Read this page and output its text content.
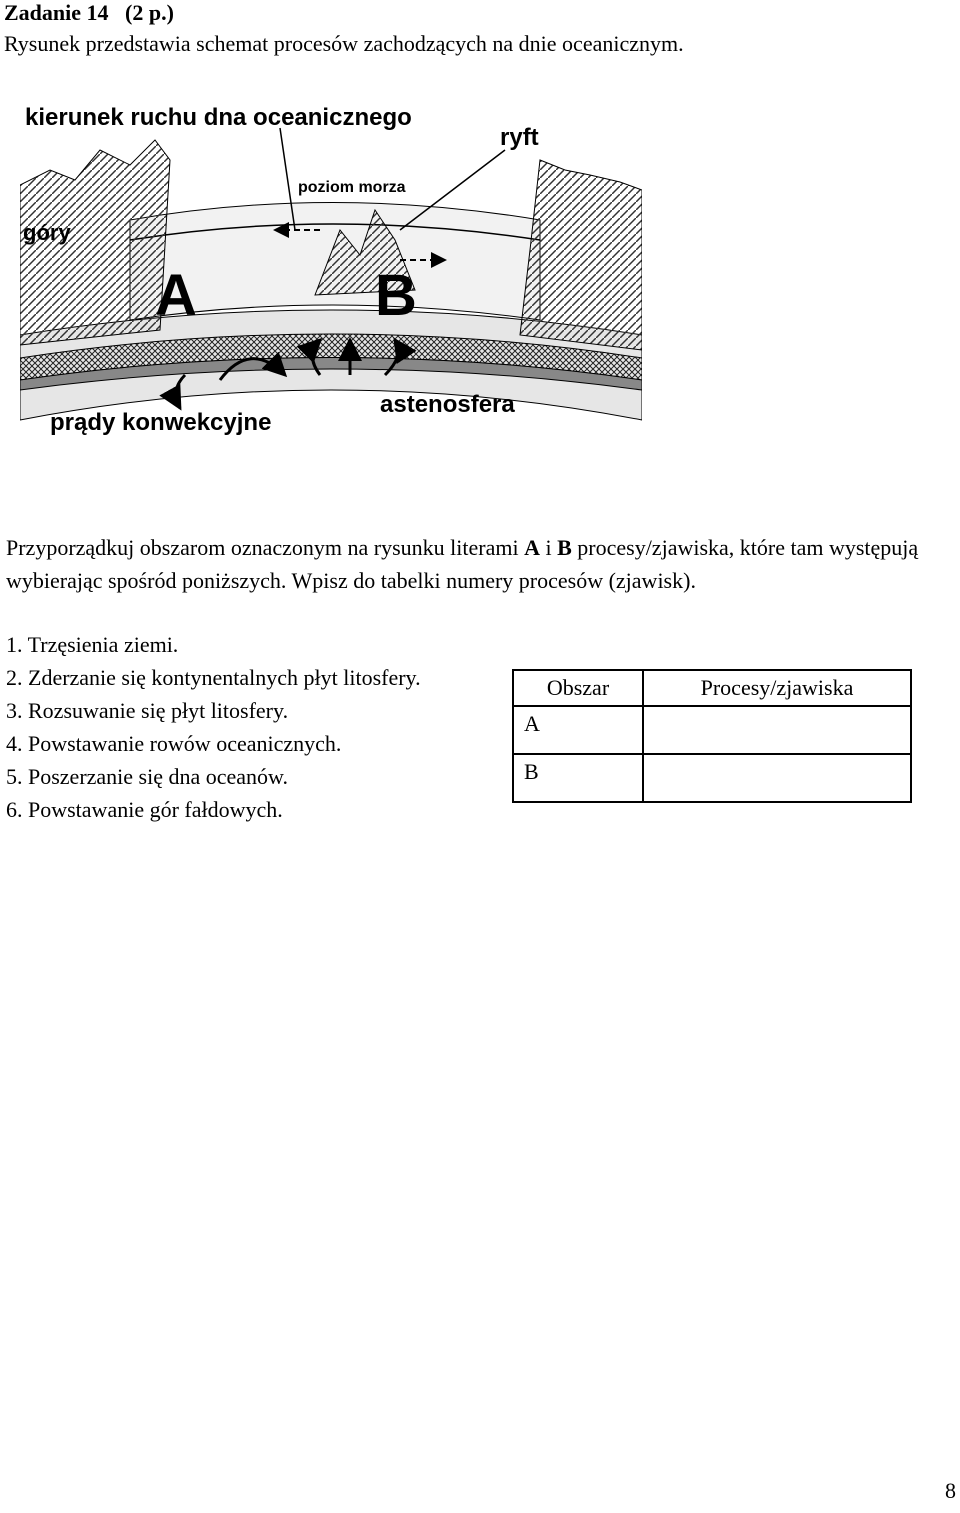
Zadanie 14   (2 p.)
Rysunek przedstawia schemat procesów zachodzących na dnie oceanicznym.
kierunek ruchu dna oceanicznego
ryft
poziom morza
góry
A	B
prądy konwekcyjne
astenosfera
Przyporządkuj obszarom oznaczonym na rysunku literami A i B procesy/zjawiska, które tam występują wybierając spośród poniższych. Wpisz do tabelki numery procesów (zjawisk).
1. Trzęsienia ziemi.
2. Zderzanie się kontynentalnych płyt litosfery.
3. Rozsuwanie się płyt litosfery.
4. Powstawanie rowów oceanicznych.
5. Poszerzanie się dna oceanów.
6. Powstawanie gór fałdowych.
Obszar	Procesy/zjawiska
A	
B	
8
